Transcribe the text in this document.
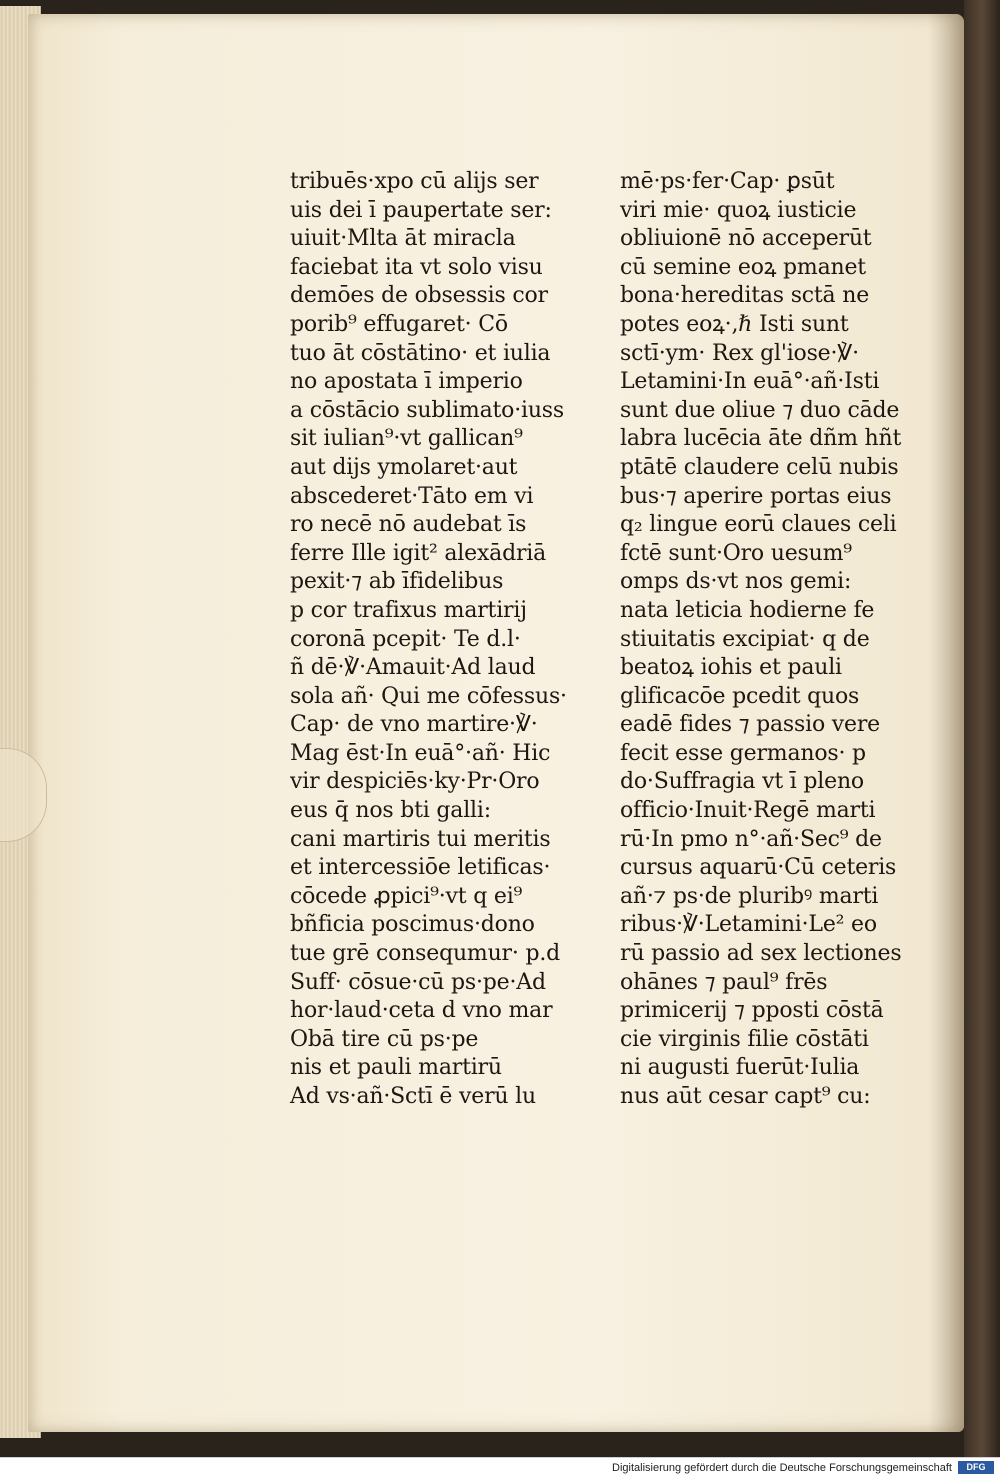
tribuēs·xpo cū alijs ser
uis dei ī paupertate ser:
uiuit·Mlta āt miracla
faciebat ita vt solo visu
demōes de obsessis cor
porib⁹ effugaret· Cō
tuo āt cōstātino· et iulia
no apostata ī imperio
a cōstācio sublimato·iuss
sit iulian⁹·vt gallican⁹
aut dijs ymolaret·aut
abscederet·Tāto em vi
ro necē nō audebat īs
ferre Ille igit² alexādriā
pexit·⁊ ab īfidelibus
p cor trafixus martirij
coronā pcepit· Te d.l·
ñ dē·℣·Amauit·Ad laud
sola añ· Qui me cōfessus·
Cap· de vno martire·℣·
Mag ēst·In euā°·añ· Hic
vir despiciēs·ky·Pr·Oro
eus q̄ nos bti galli:
cani martiris tui meritis
et intercessiōe letificas·
cōcede ꝓpici⁹·vt q ei⁹
bñficia poscimus·dono
tue grē consequmur· p.d
Suff· cōsue·cū ps·pe·Ad
hor·laud·ceta d vno mar
Obā tire cū ps·pe
nis et pauli martirū
Ad vs·añ·Sctī ē verū lu
mē·ps·fer·Cap· ꝑsūt
viri mie· quoꝝ iusticie
obliuionē nō acceperūt
cū semine eoꝝ pmanet
bona·hereditas sctā ne
potes eoꝝ·,ℏ Isti sunt
sctī·ym· Rex gl'iose·℣·
Letamini·In euā°·añ·Isti
sunt due oliue ⁊ duo cāde
labra lucēcia āte dñm hñt
ptātē claudere celū nubis
bus·⁊ aperire portas eius
q₂ lingue eorū claues celi
fctē sunt·Oro uesum⁹
omps ds·vt nos gemi:
nata leticia hodierne fe
stiuitatis excipiat· q de
beatoꝝ iohis et pauli
glificacōe pcedit quos
eadē fides ⁊ passio vere
fecit esse germanos· p
do·Suffragia vt ī pleno
officio·Inuit·Regē marti
rū·In pmo n°·añ·Sec⁹ de
cursus aquarū·Cū ceteris
añ·⁊ ps·de pluribꝰ marti
ribus·℣·Letamini·Le² eo
rū passio ad sex lectiones
ohānes ⁊ paul⁹ frēs
primicerij ⁊ pposti cōstā
cie virginis filie cōstāti
ni augusti fuerūt·Iulia
nus aūt cesar capt⁹ cu:
Digitalisierung gefördert durch die Deutsche Forschungsgemeinschaft	DFG
